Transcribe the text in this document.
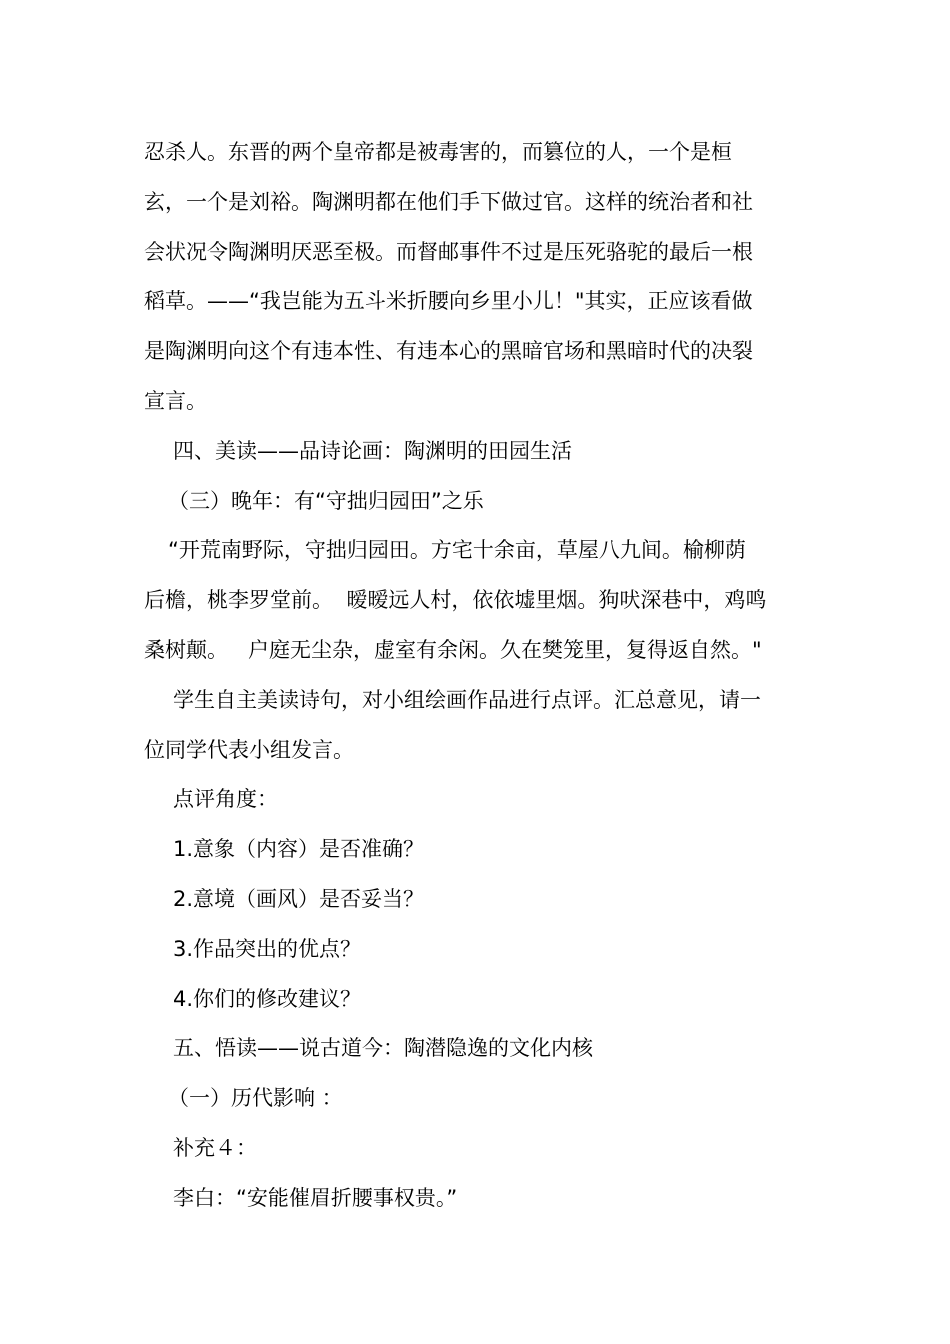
忍杀人。东晋的两个皇帝都是被毒害的，而篡位的人，一个是桓

玄，一个是刘裕。陶渊明都在他们手下做过官。这样的统治者和社

会状况令陶渊明厌恶至极。而督邮事件不过是压死骆驼的最后一根

稻草。——“我岂能为五斗米折腰向乡里小儿！"其实，正应该看做

是陶渊明向这个有违本性、有违本心的黑暗官场和黑暗时代的决裂

宣言。

四、美读——品诗论画：陶渊明的田园生活

（三）晚年：有“守拙归园田”之乐

“开荒南野际，守拙归园田。方宅十余亩，草屋八九间。榆柳荫

后檐，桃李罗堂前。  暧暧远人村，依依墟里烟。狗吠深巷中，鸡鸣

桑树颠。   户庭无尘杂，虚室有余闲。久在樊笼里，复得返自然。"

学生自主美读诗句，对小组绘画作品进行点评。汇总意见，请一

位同学代表小组发言。

点评角度：

1.意象（内容）是否准确？

2.意境（画风）是否妥当？

3.作品突出的优点？

4.你们的修改建议？

五、悟读——说古道今：陶潜隐逸的文化内核

（一）历代影响 ：

补充４：

李白：“安能催眉折腰事权贵。”
